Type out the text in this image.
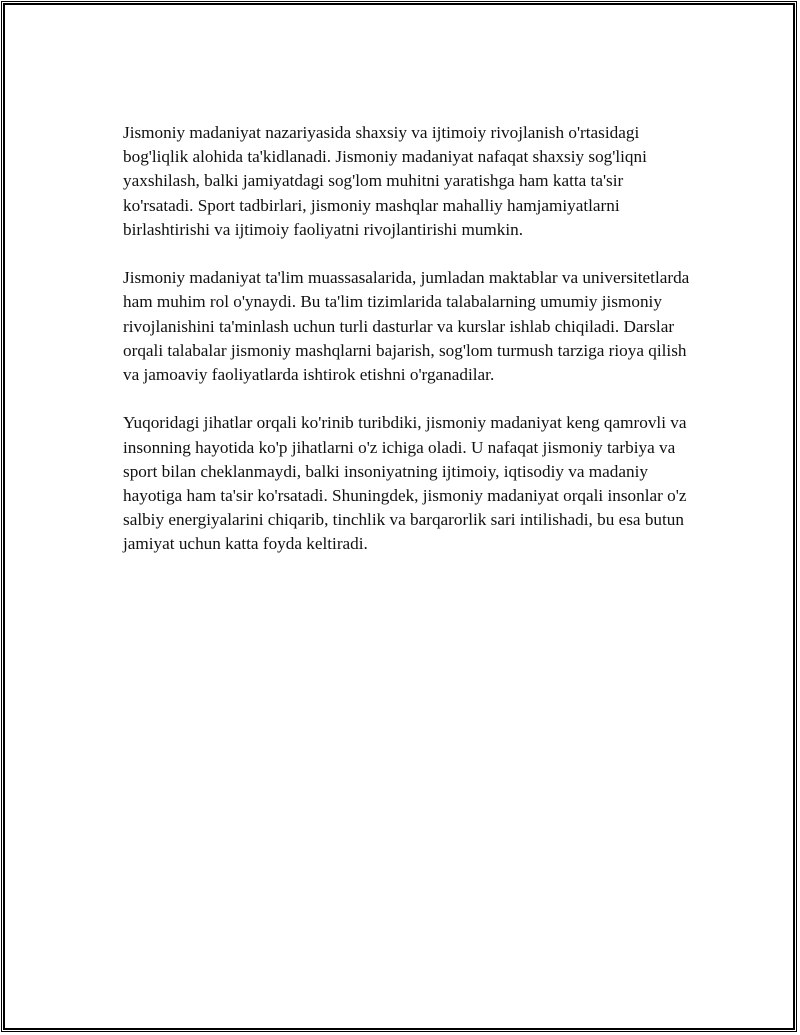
Jismoniy madaniyat nazariyasida shaxsiy va ijtimoiy rivojlanish o'rtasidagi bog'liqlik alohida ta'kidlanadi. Jismoniy madaniyat nafaqat shaxsiy sog'liqni yaxshilash, balki jamiyatdagi sog'lom muhitni yaratishga ham katta ta'sir ko'rsatadi. Sport tadbirlari, jismoniy mashqlar mahalliy hamjamiyatlarni birlashtirishi va ijtimoiy faoliyatni rivojlantirishi mumkin.

Jismoniy madaniyat ta'lim muassasalarida, jumladan maktablar va universitetlarda ham muhim rol o'ynaydi. Bu ta'lim tizimlarida talabalarning umumiy jismoniy rivojlanishini ta'minlash uchun turli dasturlar va kurslar ishlab chiqiladi. Darslar orqali talabalar jismoniy mashqlarni bajarish, sog'lom turmush tarziga rioya qilish va jamoaviy faoliyatlarda ishtirok etishni o'rganadilar.

Yuqoridagi jihatlar orqali ko'rinib turibdiki, jismoniy madaniyat keng qamrovli va insonning hayotida ko'p jihatlarni o'z ichiga oladi. U nafaqat jismoniy tarbiya va sport bilan cheklanmaydi, balki insoniyatning ijtimoiy, iqtisodiy va madaniy hayotiga ham ta'sir ko'rsatadi. Shuningdek, jismoniy madaniyat orqali insonlar o'z salbiy energiyalarini chiqarib, tinchlik va barqarorlik sari intilishadi, bu esa butun jamiyat uchun katta foyda keltiradi.
